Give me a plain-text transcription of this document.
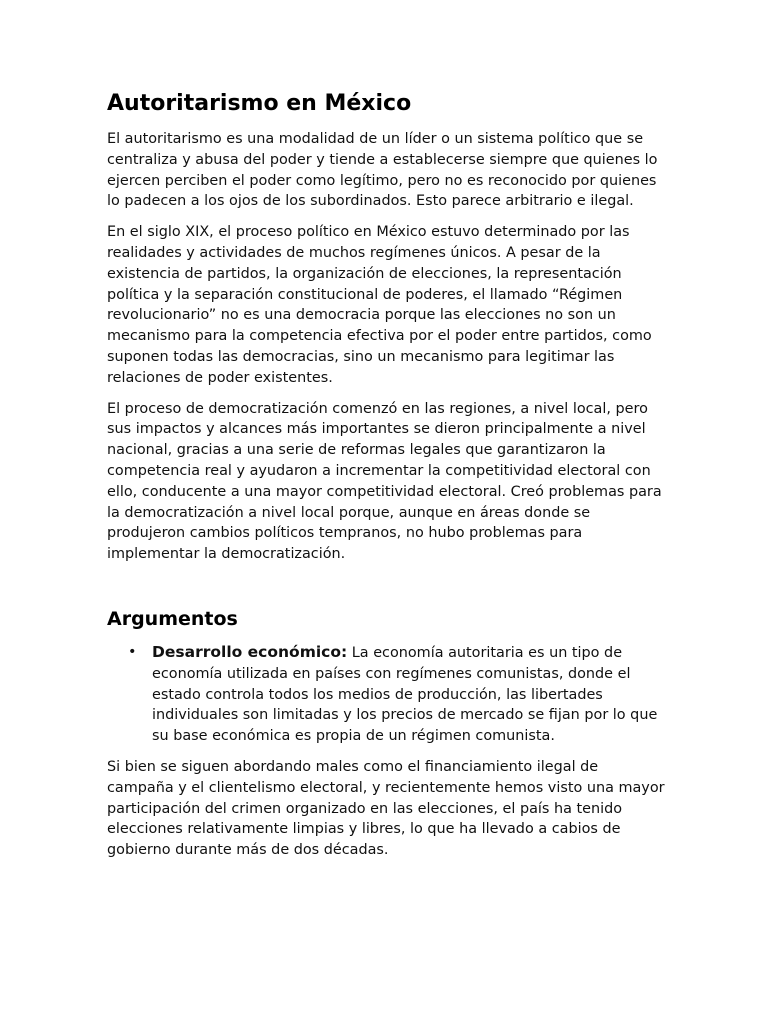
Autoritarismo en México

El autoritarismo es una modalidad de un líder o un sistema político que se centraliza y abusa del poder y tiende a establecerse siempre que quienes lo ejercen perciben el poder como legítimo, pero no es reconocido por quienes lo padecen a los ojos de los subordinados. Esto parece arbitrario e ilegal.

En el siglo XIX, el proceso político en México estuvo determinado por las realidades y actividades de muchos regímenes únicos. A pesar de la existencia de partidos, la organización de elecciones, la representación política y la separación constitucional de poderes, el llamado “Régimen revolucionario” no es una democracia porque las elecciones no son un mecanismo para la competencia efectiva por el poder entre partidos, como suponen todas las democracias, sino un mecanismo para legitimar las relaciones de poder existentes.

El proceso de democratización comenzó en las regiones, a nivel local, pero sus impactos y alcances más importantes se dieron principalmente a nivel nacional, gracias a una serie de reformas legales que garantizaron la competencia real y ayudaron a incrementar la competitividad electoral con ello, conducente a una mayor competitividad electoral. Creó problemas para la democratización a nivel local porque, aunque en áreas donde se produjeron cambios políticos tempranos, no hubo problemas para implementar la democratización.

Argumentos
• Desarrollo económico: La economía autoritaria es un tipo de economía utilizada en países con regímenes comunistas, donde el estado controla todos los medios de producción, las libertades individuales son limitadas y los precios de mercado se fijan por lo que su base económica es propia de un régimen comunista.

Si bien se siguen abordando males como el financiamiento ilegal de campaña y el clientelismo electoral, y recientemente hemos visto una mayor participación del crimen organizado en las elecciones, el país ha tenido elecciones relativamente limpias y libres, lo que ha llevado a cabios de gobierno durante más de dos décadas.
